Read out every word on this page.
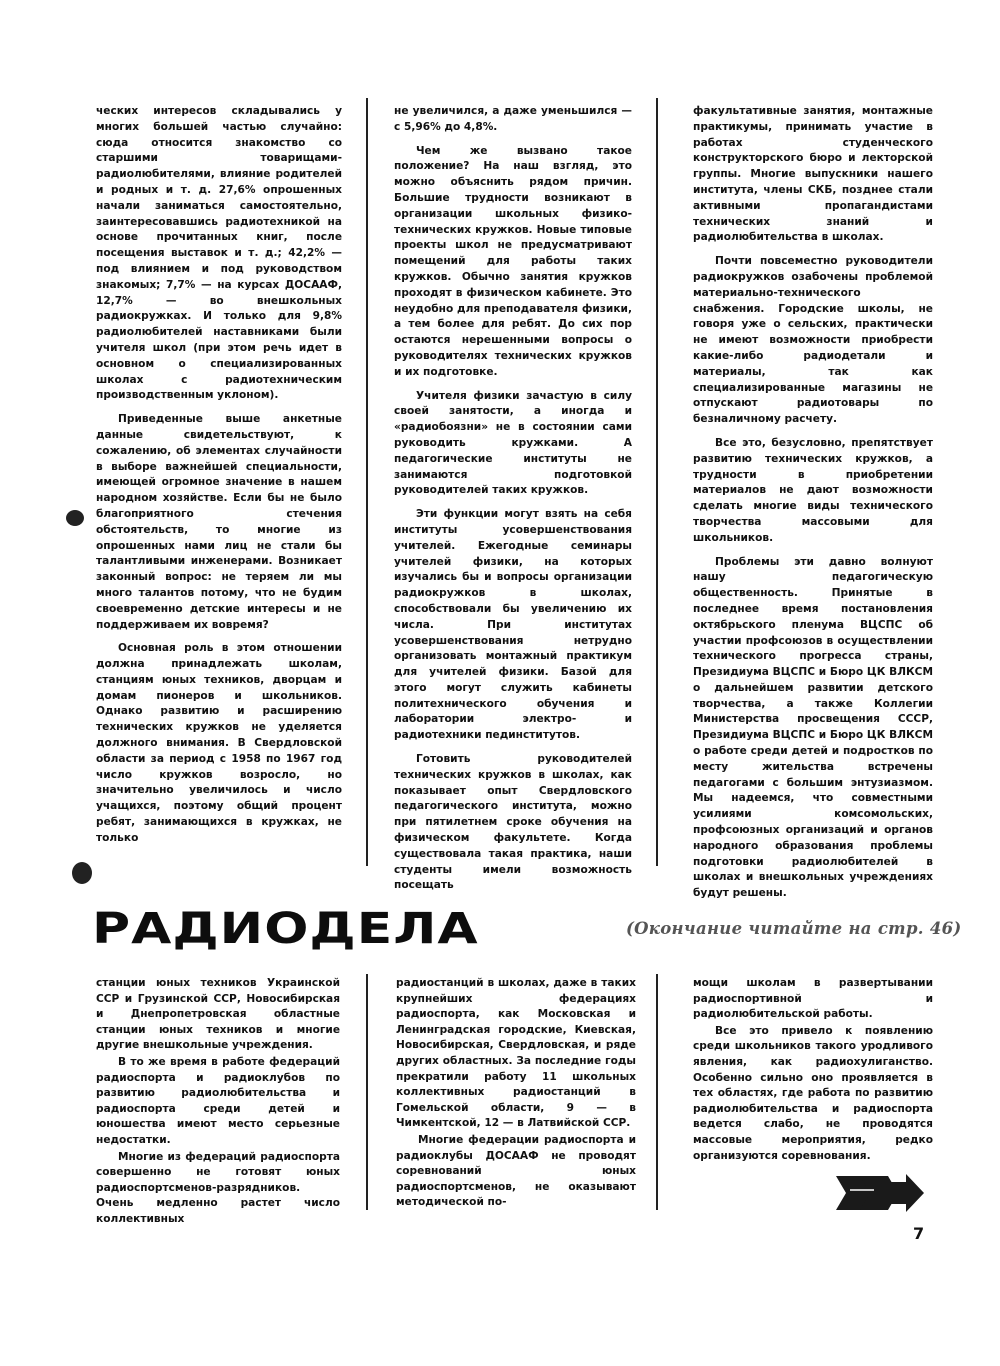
ческих интересов складывались у многих большей частью случайно: сюда относится знакомство со старшими товарищами-радиолюбителями, влияние родителей и родных и т. д. 27,6% опрошенных начали заниматься самостоятельно, заинтересовавшись радиотехникой на основе прочитанных книг, после посещения выставок и т. д.; 42,2% — под влиянием и под руководством знакомых; 7,7% — на курсах ДОСААФ, 12,7% — во внешкольных радиокружках. И только для 9,8% радиолюбителей наставниками были учителя школ (при этом речь идет в основном о специализированных школах с радиотехническим производственным уклоном).

Приведенные выше анкетные данные свидетельствуют, к сожалению, об элементах случайности в выборе важнейшей специальности, имеющей огромное значение в нашем народном хозяйстве. Если бы не было благоприятного стечения обстоятельств, то многие из опрошенных нами лиц не стали бы талантливыми инженерами. Возникает законный вопрос: не теряем ли мы много талантов потому, что не будим своевременно детские интересы и не поддерживаем их вовремя?

Основная роль в этом отношении должна принадлежать школам, станциям юных техников, дворцам и домам пионеров и школьников. Однако развитию и расширению технических кружков не уделяется должного внимания. В Свердловской области за период с 1958 по 1967 год число кружков возросло, но значительно увеличилось и число учащихся, поэтому общий процент ребят, занимающихся в кружках, не только

не увеличился, а даже уменьшился — с 5,96% до 4,8%.

Чем же вызвано такое положение? На наш взгляд, это можно объяснить рядом причин. Большие трудности возникают в организации школьных физико-технических кружков. Новые типовые проекты школ не предусматривают помещений для работы таких кружков. Обычно занятия кружков проходят в физическом кабинете. Это неудобно для преподавателя физики, а тем более для ребят. До сих пор остаются нерешенными вопросы о руководителях технических кружков и их подготовке.

Учителя физики зачастую в силу своей занятости, а иногда и «радиобоязни» не в состоянии сами руководить кружками. А педагогические институты не занимаются подготовкой руководителей таких кружков.

Эти функции могут взять на себя институты усовершенствования учителей. Ежегодные семинары учителей физики, на которых изучались бы и вопросы организации радиокружков в школах, способствовали бы увеличению их числа. При институтах усовершенствования нетрудно организовать монтажный практикум для учителей физики. Базой для этого могут служить кабинеты политехнического обучения и лаборатории электро- и радиотехники пединститутов.

Готовить руководителей технических кружков в школах, как показывает опыт Свердловского педагогического института, можно при пятилетнем сроке обучения на физическом факультете. Когда существовала такая практика, наши студенты имели возможность посещать

факультативные занятия, монтажные практикумы, принимать участие в работах студенческого конструкторского бюро и лекторской группы. Многие выпускники нашего института, члены СКБ, позднее стали активными пропагандистами технических знаний и радиолюбительства в школах.

Почти повсеместно руководители радиокружков озабочены проблемой материально-технического снабжения. Городские школы, не говоря уже о сельских, практически не имеют возможности приобрести какие-либо радиодетали и материалы, так как специализированные магазины не отпускают радиотовары по безналичному расчету.

Все это, безусловно, препятствует развитию технических кружков, а трудности в приобретении материалов не дают возможности сделать многие виды технического творчества массовыми для школьников.

Проблемы эти давно волнуют нашу педагогическую общественность. Принятые в последнее время постановления октябрьского пленума ВЦСПС об участии профсоюзов в осуществлении технического прогресса страны, Президиума ВЦСПС и Бюро ЦК ВЛКСМ о дальнейшем развитии детского творчества, а также Коллегии Министерства просвещения СССР, Президиума ВЦСПС и Бюро ЦК ВЛКСМ о работе среди детей и подростков по месту жительства встречены педагогами с большим энтузиазмом. Мы надеемся, что совместными усилиями комсомольских, профсоюзных организаций и органов народного образования проблемы подготовки радиолюбителей в школах и внешкольных учреждениях будут решены.

РАДИОДЕЛА	(Окончание читайте на стр. 46)

станции юных техников Украинской ССР и Грузинской ССР, Новосибирская и Днепропетровская областные станции юных техников и многие другие внешкольные учреждения.

В то же время в работе федераций радиоспорта и радиоклубов по развитию радиолюбительства и радиоспорта среди детей и юношества имеют место серьезные недостатки.

Многие из федераций радиоспорта совершенно не готовят юных радиоспортсменов-разрядников. Очень медленно растет число коллективных

радиостанций в школах, даже в таких крупнейших федерациях радиоспорта, как Московская и Ленинградская городские, Киевская, Новосибирская, Свердловская, и ряде других областных. За последние годы прекратили работу 11 школьных коллективных радиостанций в Гомельской области, 9 — в Чимкентской, 12 — в Латвийской ССР.

Многие федерации радиоспорта и радиоклубы ДОСААФ не проводят соревнований юных радиоспортсменов, не оказывают методической по-

мощи школам в развертывании радиоспортивной и радиолюбительской работы.

Все это привело к появлению среди школьников такого уродливого явления, как радиохулиганство. Особенно сильно оно проявляется в тех областях, где работа по развитию радиолюбительства и радиоспорта ведется слабо, не проводятся массовые мероприятия, редко организуются соревнования.

7
